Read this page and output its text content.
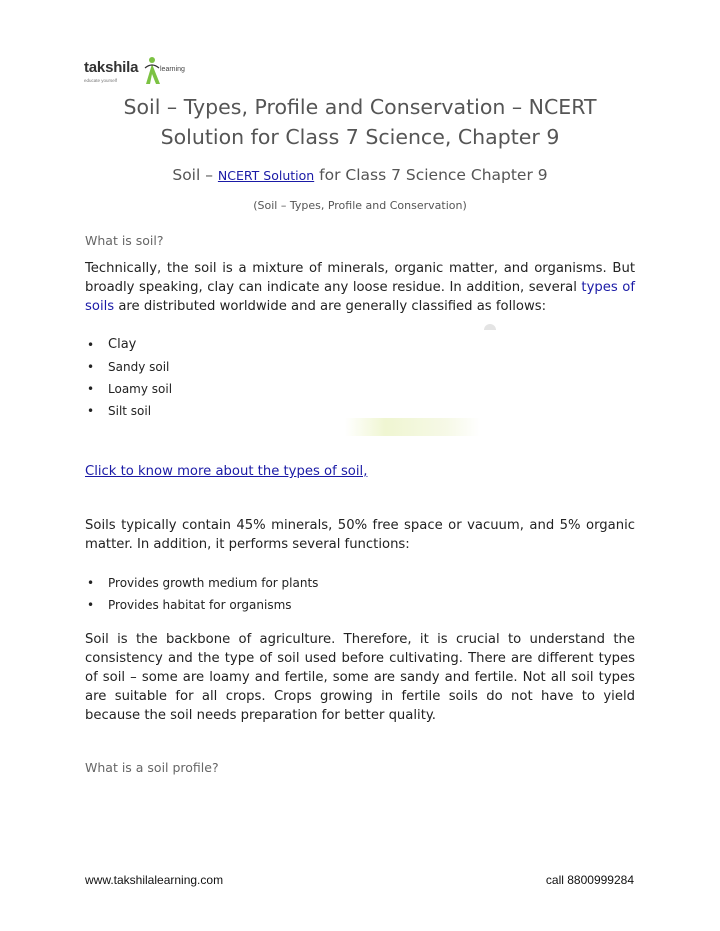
takshila	learning
educate yourself
Soil – Types, Profile and Conservation – NCERT
Solution for Class 7 Science, Chapter 9
Soil – NCERT Solution for Class 7 Science Chapter 9

(Soil – Types, Profile and Conservation)

What is soil?

Technically, the soil is a mixture of minerals, organic matter, and organisms. But broadly speaking, clay can indicate any loose residue. In addition, several types of soils are distributed worldwide and are generally classified as follows:

• Clay
• Sandy soil
• Loamy soil
• Silt soil
Click to know more about the types of soil,

Soils typically contain 45% minerals, 50% free space or vacuum, and 5% organic matter. In addition, it performs several functions:

• Provides growth medium for plants
• Provides habitat for organisms

Soil is the backbone of agriculture. Therefore, it is crucial to understand the consistency and the type of soil used before cultivating. There are different types of soil – some are loamy and fertile, some are sandy and fertile. Not all soil types are suitable for all crops. Crops growing in fertile soils do not have to yield because the soil needs preparation for better quality.

What is a soil profile?
www.takshilalearning.com	call 8800999284
